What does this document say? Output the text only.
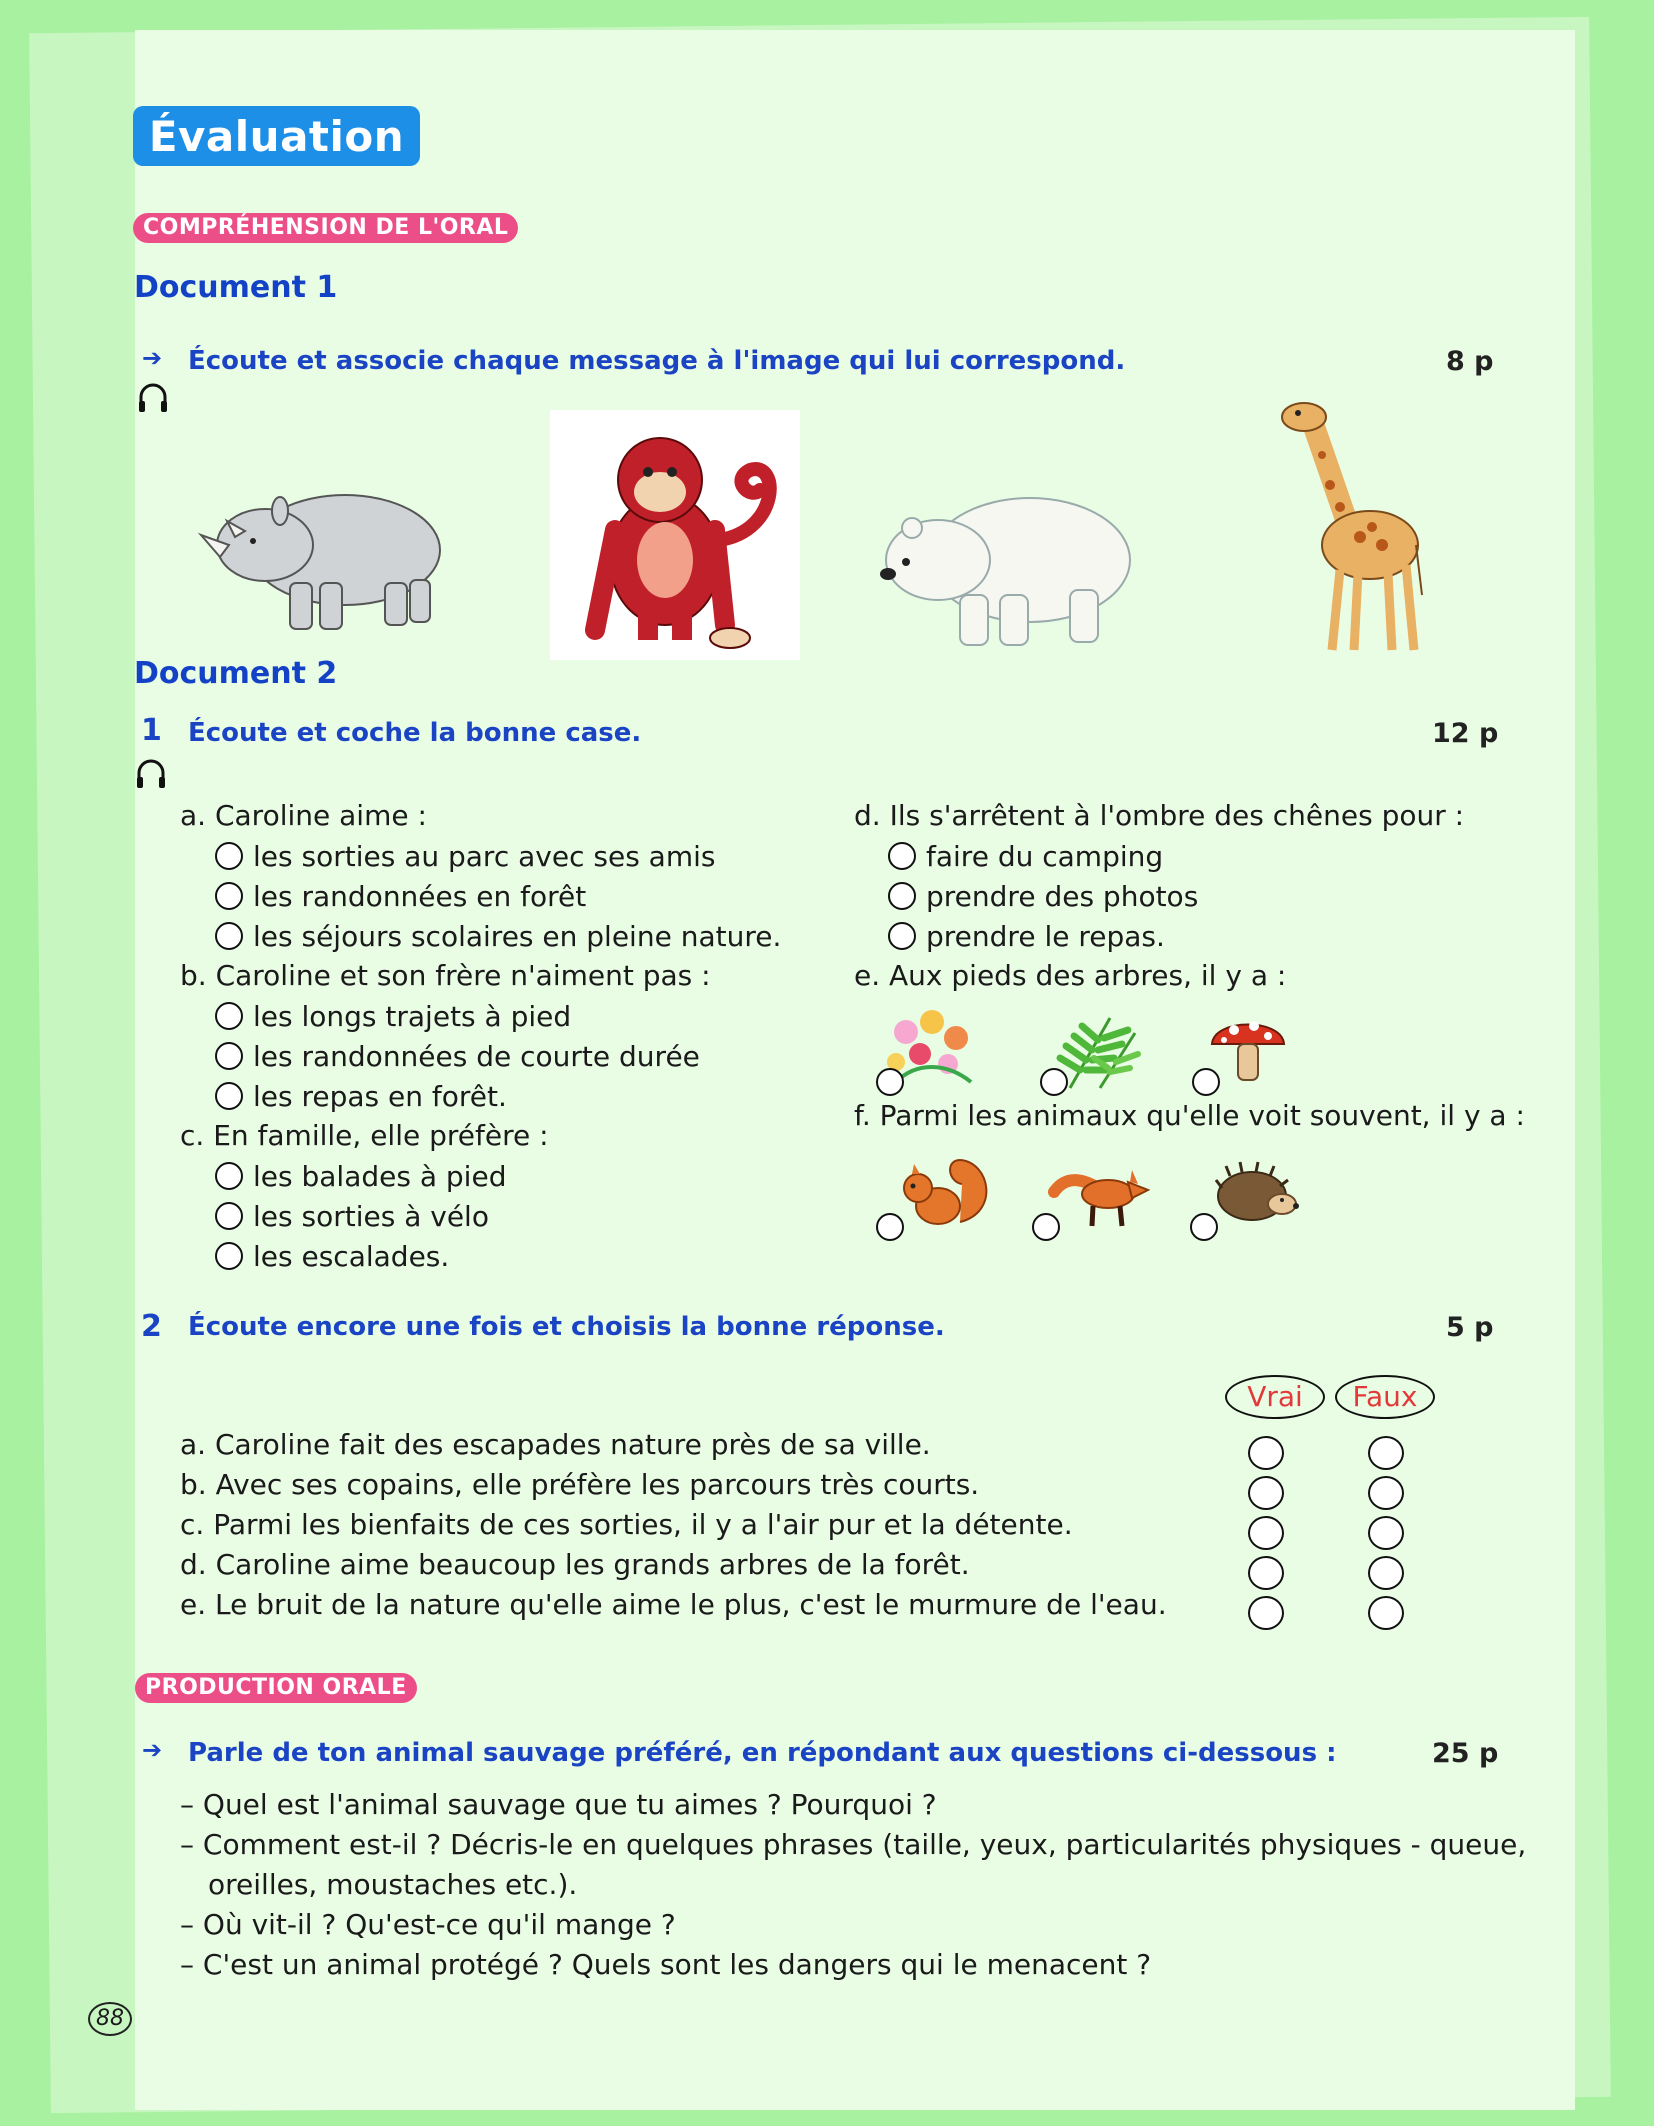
Évaluation
COMPRÉHENSION DE L'ORAL
Document 1
➔ Écoute et associe chaque message à l'image qui lui correspond.	8 p
Document 2
1 Écoute et coche la bonne case.	12 p
a. Caroline aime :
les sorties au parc avec ses amis
les randonnées en forêt
les séjours scolaires en pleine nature.
b. Caroline et son frère n'aiment pas :
les longs trajets à pied
les randonnées de courte durée
les repas en forêt.
c. En famille, elle préfère :
les balades à pied
les sorties à vélo
les escalades.
d. Ils s'arrêtent à l'ombre des chênes pour :
faire du camping
prendre des photos
prendre le repas.
e. Aux pieds des arbres, il y a :
f. Parmi les animaux qu'elle voit souvent, il y a :
2 Écoute encore une fois et choisis la bonne réponse.	5 p
Vrai	Faux
a. Caroline fait des escapades nature près de sa ville.
b. Avec ses copains, elle préfère les parcours très courts.
c. Parmi les bienfaits de ces sorties, il y a l'air pur et la détente.
d. Caroline aime beaucoup les grands arbres de la forêt.
e. Le bruit de la nature qu'elle aime le plus, c'est le murmure de l'eau.
PRODUCTION ORALE
➔ Parle de ton animal sauvage préféré, en répondant aux questions ci-dessous :	25 p
– Quel est l'animal sauvage que tu aimes ? Pourquoi ?
– Comment est-il ? Décris-le en quelques phrases (taille, yeux, particularités physiques - queue,
oreilles, moustaches etc.).
– Où vit-il ? Qu'est-ce qu'il mange ?
– C'est un animal protégé ? Quels sont les dangers qui le menacent ?
88
